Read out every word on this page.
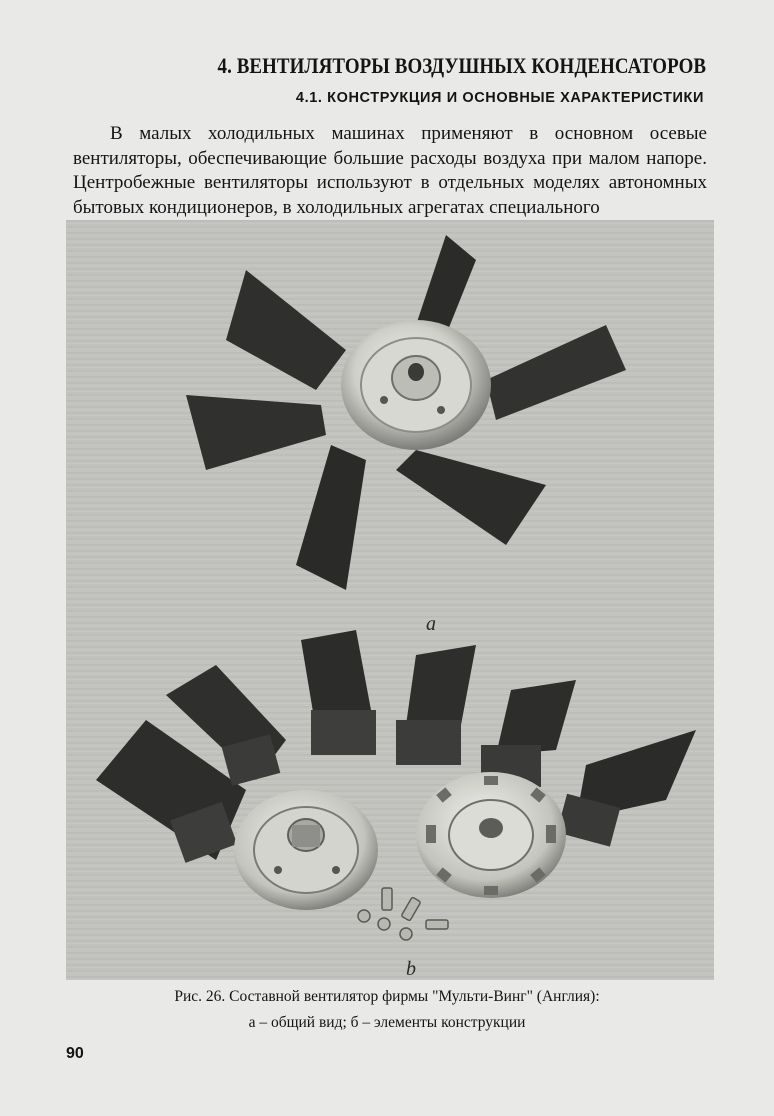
4. ВЕНТИЛЯТОРЫ ВОЗДУШНЫХ КОНДЕНСАТОРОВ
4.1. КОНСТРУКЦИЯ И ОСНОВНЫЕ ХАРАКТЕРИСТИКИ

В малых холодильных машинах применяют в основном осевые вентиляторы, обеспечивающие большие расходы воздуха при малом напоре. Центробежные вентиляторы используют в отдельных моделях автономных бытовых кондиционеров, в холодильных агрегатах специального

a
b

Рис. 26. Составной вентилятор фирмы "Мульти-Винг" (Англия):

а – общий вид; б – элементы конструкции

90
